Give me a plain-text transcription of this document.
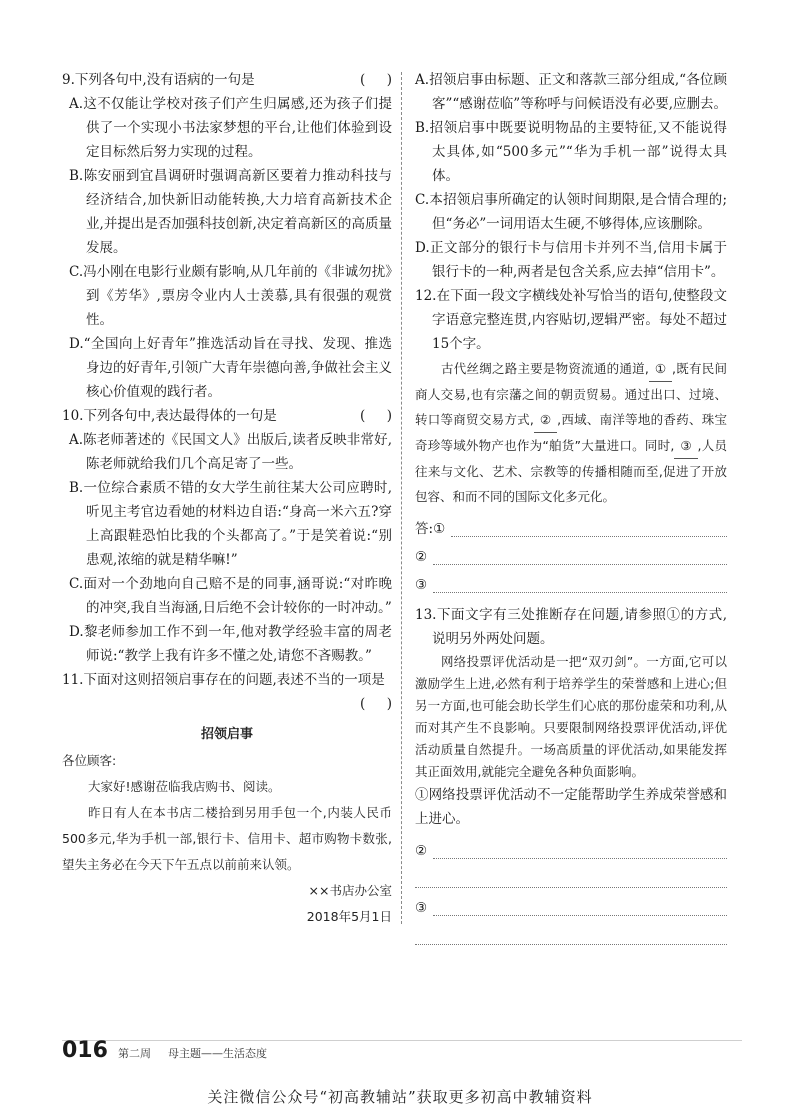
9.下列各句中,没有语病的一句是	(     )
A.这不仅能让学校对孩子们产生归属感,还为孩子们提供了一个实现小书法家梦想的平台,让他们体验到设定目标然后努力实现的过程。
B.陈安丽到宜昌调研时强调高新区要着力推动科技与经济结合,加快新旧动能转换,大力培育高新技术企业,并提出是否加强科技创新,决定着高新区的高质量发展。
C.冯小刚在电影行业颇有影响,从几年前的《非诚勿扰》到《芳华》,票房令业内人士羡慕,具有很强的观赏性。
D.“全国向上好青年”推选活动旨在寻找、发现、推选身边的好青年,引领广大青年崇德向善,争做社会主义核心价值观的践行者。
10.下列各句中,表达最得体的一句是	(     )
A.陈老师著述的《民国文人》出版后,读者反映非常好,陈老师就给我们几个高足寄了一些。
B.一位综合素质不错的女大学生前往某大公司应聘时,听见主考官边看她的材料边自语:“身高一米六五?穿上高跟鞋恐怕比我的个头都高了。”于是笑着说:“别患观,浓缩的就是精华嘛!”
C.面对一个劲地向自己赔不是的同事,涵哥说:“对昨晚的冲突,我自当海涵,日后绝不会计较你的一时冲动。”
D.黎老师参加工作不到一年,他对教学经验丰富的周老师说:“教学上我有许多不懂之处,请您不吝赐教。”
11.下面对这则招领启事存在的问题,表述不当的一项是
(     )
招领启事

各位顾客:

大家好!感谢莅临我店购书、阅读。

昨日有人在本书店二楼拾到另用手包一个,内装人民币500多元,华为手机一部,银行卡、信用卡、超市购物卡数张,望失主务必在今天下午五点以前前来认领。

××书店办公室

2018年5月1日

A.招领启事由标题、正文和落款三部分组成,“各位顾客”“感谢莅临”等称呼与问候语没有必要,应删去。
B.招领启事中既要说明物品的主要特征,又不能说得太具体,如“500多元”“华为手机一部”说得太具体。
C.本招领启事所确定的认领时间期限,是合情合理的;但“务必”一词用语太生硬,不够得体,应该删除。
D.正文部分的银行卡与信用卡并列不当,信用卡属于银行卡的一种,两者是包含关系,应去掉“信用卡”。
12.在下面一段文字横线处补写恰当的语句,使整段文字语意完整连贯,内容贴切,逻辑严密。每处不超过15个字。
古代丝绸之路主要是物资流通的通道, ① ,既有民间商人交易,也有宗藩之间的朝贡贸易。通过出口、过境、转口等商贸交易方式, ② ,西域、南洋等地的香药、珠宝奇珍等域外物产也作为“舶货”大量进口。同时, ③ ,人员往来与文化、艺术、宗教等的传播相随而至,促进了开放包容、和而不同的国际文化多元化。
答: ①
②
③
13.下面文字有三处推断存在问题,请参照①的方式,说明另外两处问题。
网络投票评优活动是一把“双刃剑”。一方面,它可以激励学生上进,必然有利于培养学生的荣誉感和上进心;但另一方面,也可能会助长学生们心底的那份虚荣和功利,从而对其产生不良影响。只要限制网络投票评优活动,评优活动质量自然提升。一场高质量的评优活动,如果能发挥其正面效用,就能完全避免各种负面影响。
①网络投票评优活动不一定能帮助学生养成荣誉感和上进心。
②
③
016 第二周 母主题——生活态度
关注微信公众号“初高教辅站”获取更多初高中教辅资料
